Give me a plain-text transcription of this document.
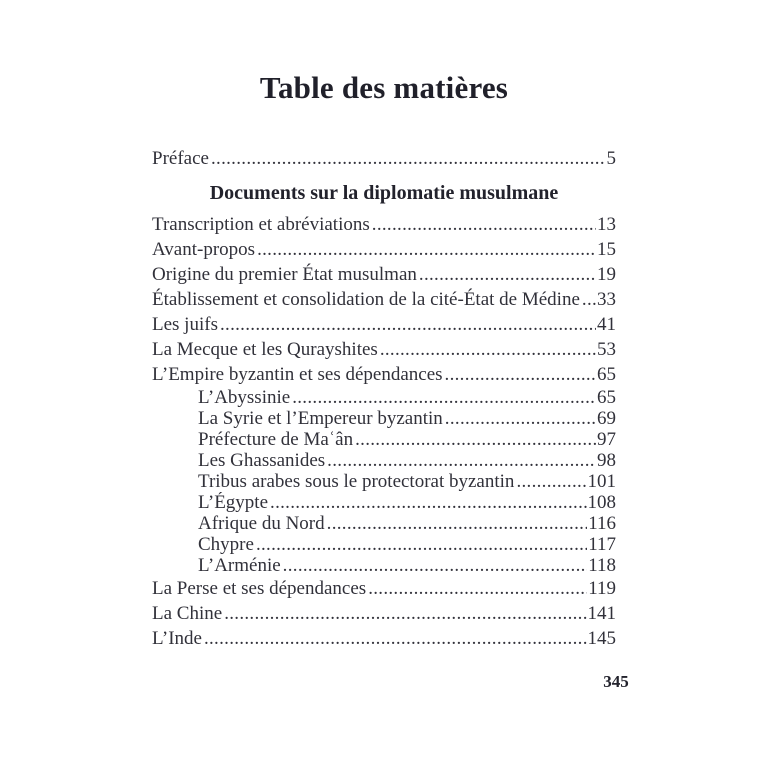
Table des matières
Préface .....	5
Documents sur la diplomatie musulmane
Transcription et abréviations .....	13
Avant-propos .....	15
Origine du premier État musulman .....	19
Établissement et consolidation de la cité-État de Médine ..... 33
Les juifs .....	41
La Mecque et les Qurayshites .....	53
L’Empire byzantin et ses dépendances .....	65
L’Abyssinie .....	65
La Syrie et l’Empereur byzantin .....	69
Préfecture de Maʿân .....	97
Les Ghassanides .....	98
Tribus arabes sous le protectorat byzantin .....	101
L’Égypte .....	108
Afrique du Nord .....	116
Chypre .....	117
L’Arménie .....	118
La Perse et ses dépendances .....	119
La Chine .....	141
L’Inde .....	145
345
